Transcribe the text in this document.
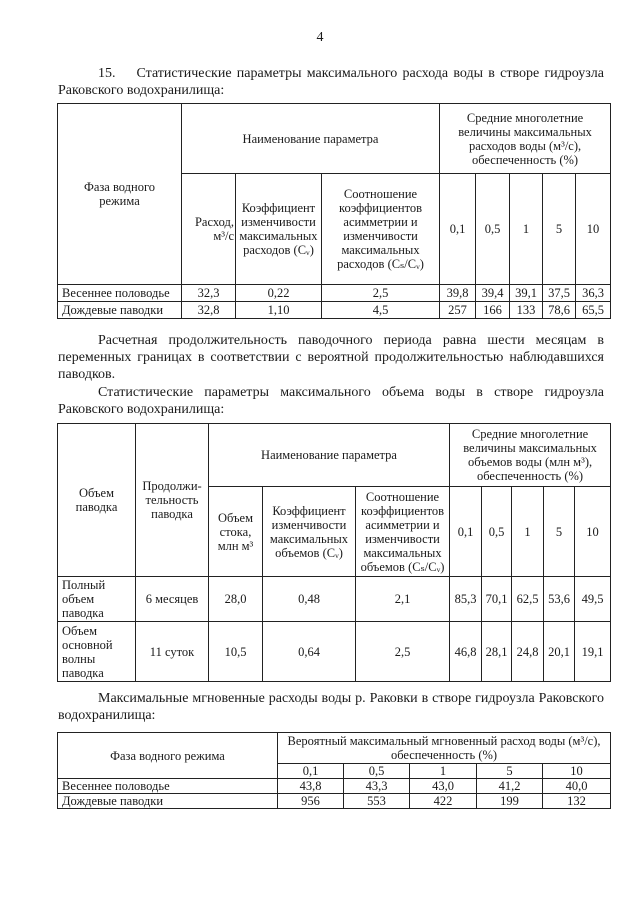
4
15. Статистические параметры максимального расхода воды в створе гидроузла Раковского водохранилища:
Фаза водного режима	Наименование параметра			Средние многолетние величины максимальных расходов воды (м³/с), обеспеченность (%)				
	Расход, м³/с	Коэффициент изменчивости максимальных расходов (Cᵥ)	Соотношение коэффициентов асимметрии и изменчивости максимальных расходов (Cₛ/Cᵥ)	0,1	0,5	1	5	10
Весеннее половодье	32,3	0,22	2,5	39,8	39,4	39,1	37,5	36,3
Дождевые паводки	32,8	1,10	4,5	257	166	133	78,6	65,5
Расчетная продолжительность паводочного периода равна шести месяцам в переменных границах в соответствии с вероятной продолжительностью наблюдавшихся паводков.
Статистические параметры максимального объема воды в створе гидроузла Раковского водохранилища:
Объем паводка	Продолжи-тельность паводка	Наименование параметра			Средние многолетние величины максимальных объемов воды (млн м³), обеспеченность (%)				
		Объем стока, млн м³	Коэффициент изменчивости максимальных объемов (Cᵥ)	Соотношение коэффициентов асимметрии и изменчивости максимальных объемов (Cₛ/Cᵥ)	0,1	0,5	1	5	10
Полный объем паводка	6 месяцев	28,0	0,48	2,1	85,3	70,1	62,5	53,6	49,5
Объем основной волны паводка	11 суток	10,5	0,64	2,5	46,8	28,1	24,8	20,1	19,1
Максимальные мгновенные расходы воды р. Раковки в створе гидроузла Раковского водохранилища:
Фаза водного режима	Вероятный максимальный мгновенный расход воды (м³/с), обеспеченность (%)				
	0,1	0,5	1	5	10
Весеннее половодье	43,8	43,3	43,0	41,2	40,0
Дождевые паводки	956	553	422	199	132
